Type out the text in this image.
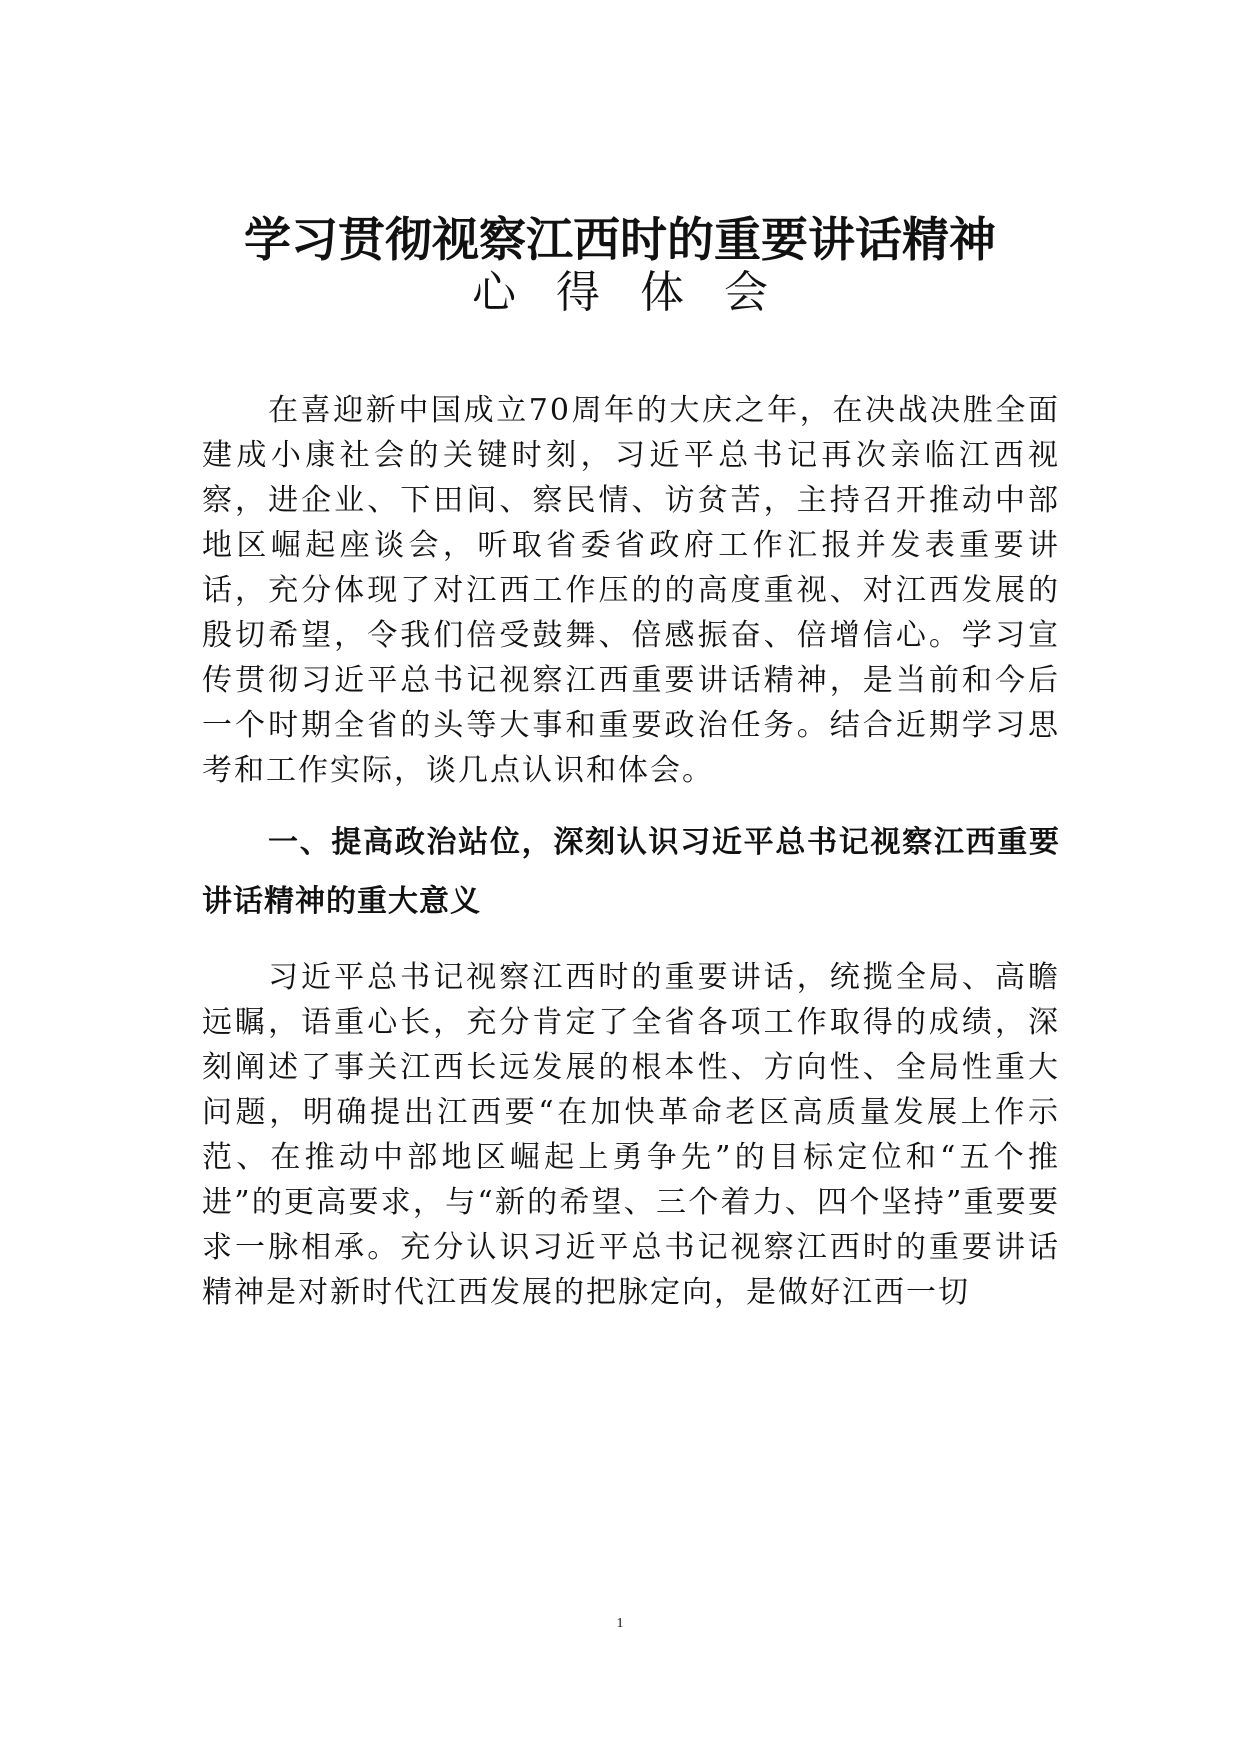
学习贯彻视察江西时的重要讲话精神
心得体会

在喜迎新中国成立70周年的大庆之年，在决战决胜全面建成小康社会的关键时刻，习近平总书记再次亲临江西视察，进企业、下田间、察民情、访贫苦，主持召开推动中部地区崛起座谈会，听取省委省政府工作汇报并发表重要讲话，充分体现了对江西工作压的的高度重视、对江西发展的殷切希望，令我们倍受鼓舞、倍感振奋、倍增信心。学习宣传贯彻习近平总书记视察江西重要讲话精神，是当前和今后一个时期全省的头等大事和重要政治任务。结合近期学习思考和工作实际，谈几点认识和体会。

一、提高政治站位，深刻认识习近平总书记视察江西重要讲话精神的重大意义

习近平总书记视察江西时的重要讲话，统揽全局、高瞻远瞩，语重心长，充分肯定了全省各项工作取得的成绩，深刻阐述了事关江西长远发展的根本性、方向性、全局性重大问题，明确提出江西要“在加快革命老区高质量发展上作示范、在推动中部地区崛起上勇争先”的目标定位和“五个推进”的更高要求，与“新的希望、三个着力、四个坚持”重要要求一脉相承。充分认识习近平总书记视察江西时的重要讲话精神是对新时代江西发展的把脉定向，是做好江西一切

1
